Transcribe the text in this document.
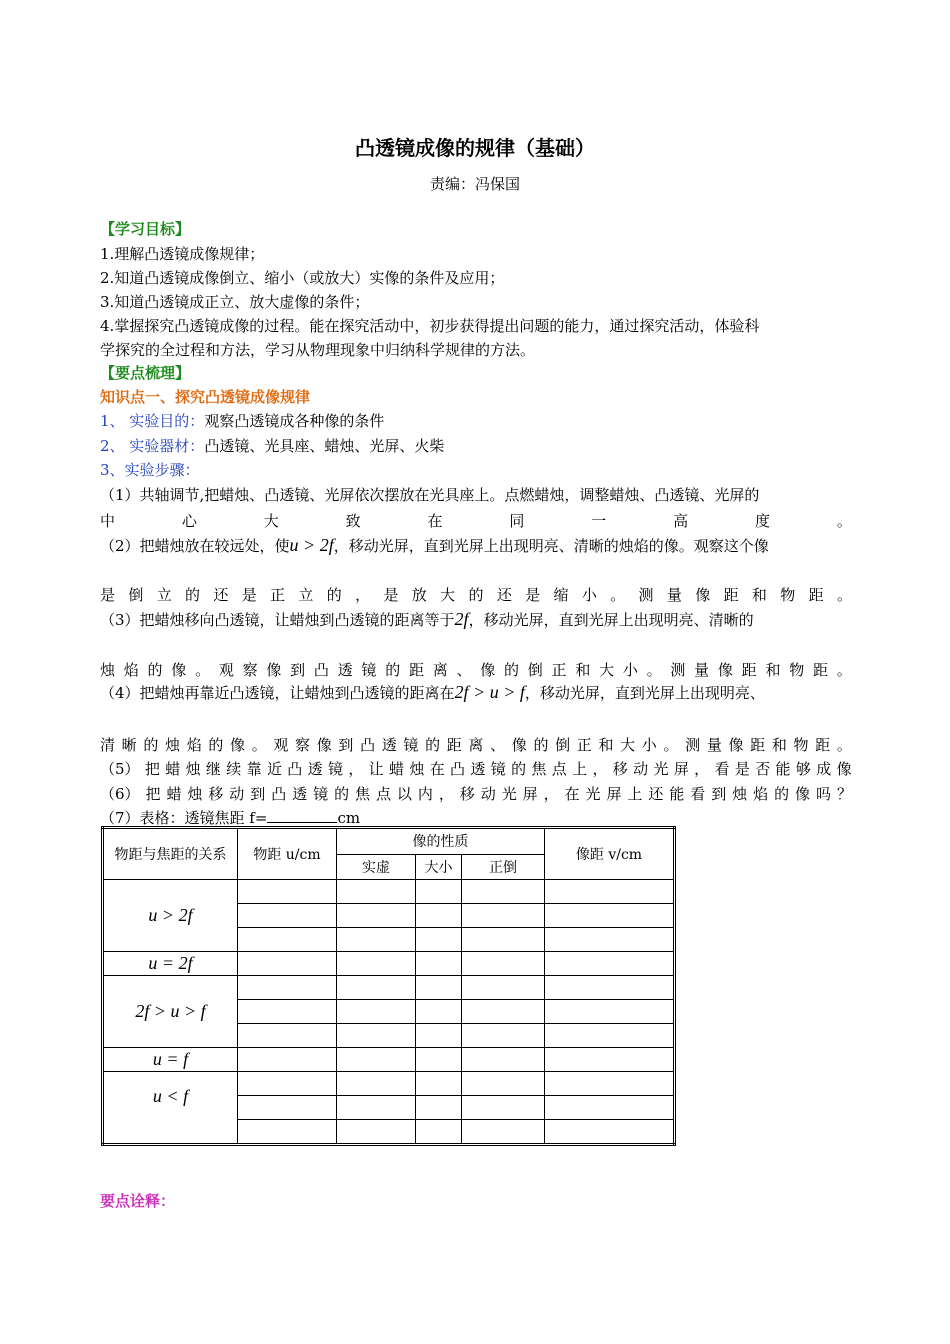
凸透镜成像的规律（基础）
责编：冯保国
【学习目标】
1.理解凸透镜成像规律；
2.知道凸透镜成像倒立、缩小（或放大）实像的条件及应用；
3.知道凸透镜成正立、放大虚像的条件；
4.掌握探究凸透镜成像的过程。能在探究活动中，初步获得提出问题的能力，通过探究活动，体验科
学探究的全过程和方法，学习从物理现象中归纳科学规律的方法。
【要点梳理】
知识点一、探究凸透镜成像规律
1、 实验目的：观察凸透镜成各种像的条件
2、 实验器材：凸透镜、光具座、蜡烛、光屏、火柴
3、实验步骤：
（1）共轴调节,把蜡烛、凸透镜、光屏依次摆放在光具座上。点燃蜡烛，调整蜡烛、凸透镜、光屏的
中	心	大	致	在	同	一	高	度	。
（2）把蜡烛放在较远处，使u > 2f，移动光屏，直到光屏上出现明亮、清晰的烛焰的像。观察这个像
是 倒 立 的 还 是 正 立 的 ， 是 放 大 的 还 是 缩 小 。 测 量 像 距 和 物 距 。
（3）把蜡烛移向凸透镜，让蜡烛到凸透镜的距离等于2f，移动光屏，直到光屏上出现明亮、清晰的
烛 焰 的 像 。 观 察 像 到 凸 透 镜 的 距 离 、 像 的 倒 正 和 大 小 。 测 量 像 距 和 物 距 。
（4）把蜡烛再靠近凸透镜，让蜡烛到凸透镜的距离在2f > u > f，移动光屏，直到光屏上出现明亮、
清 晰 的 烛 焰 的 像 。 观 察 像 到 凸 透 镜 的 距 离 、 像 的 倒 正 和 大 小 。 测 量 像 距 和 物 距 。
（5） 把 蜡 烛 继 续 靠 近 凸 透 镜 ， 让 蜡 烛 在 凸 透 镜 的 焦 点 上 ， 移 动 光 屏 ， 看 是 否 能 够 成 像
（6） 把 蜡 烛 移 动 到 凸 透 镜 的 焦 点 以 内 ， 移 动 光 屏 ， 在 光 屏 上 还 能 看 到 烛 焰 的 像 吗 ？
（7）表格：透镜焦距 f=	cm
物距与焦距的关系	物距 u/cm	像的性质			像距 v/cm
		实虚	大小	正倒	
u > 2f					

u = 2f					
2f > u > f					

u = f					
u < f					

要点诠释：
